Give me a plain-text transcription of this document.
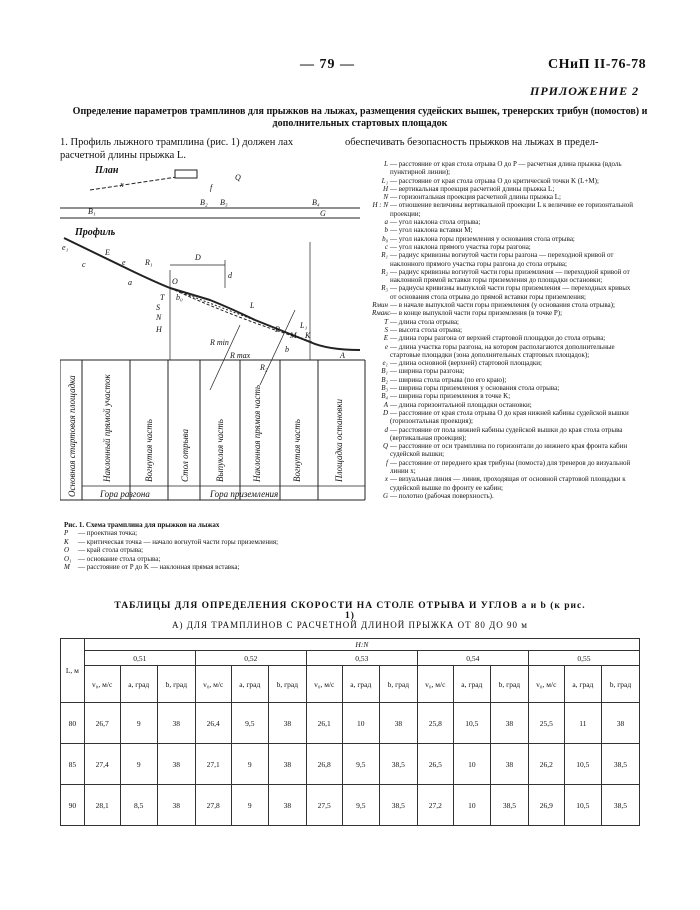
— 79 —	СНиП II-76-78
ПРИЛОЖЕНИЕ 2
Определение параметров трамплинов для прыжков на лыжах, размещения судейских вышек, тренерских трибун (помостов) и дополнительных стартовых площадок
1. Профиль лыжного трамплина (рис. 1) должен лах расчетной длины прыжка L.
обеспечивать безопасность прыжков на лыжах в предел-
L — расстояние от края стола отрыва O до P — расчетная длина прыжка (вдоль пунктирной линии);
L₁ — расстояние от края стола отрыва O до критической точки K (L+M);
H — вертикальная проекция расчетной длины прыжка L;
N — горизонтальная проекция расчетной длины прыжка L;
H : N — отношение величины вертикальной проекции L к величине ее горизонтальной проекции;
a — угол наклона стола отрыва;
b — угол наклона вставки M;
b₀ — угол наклона горы приземления у основания стола отрыва;
c — угол наклона прямого участка горы разгона;
R₁ — радиус кривизны вогнутой части горы разгона — переходной кривой от наклонного прямого участка горы разгона до стола отрыва;
R₂ — радиус кривизны вогнутой части горы приземления — переходной кривой от наклонной прямой вставки горы приземления до площадки остановки;
R₃ — радиусы кривизны выпуклой части горы приземления — переходных кривых от основания стола отрыва до прямой вставки горы приземления;
Rмин — в начале выпуклой части горы приземления (у основания стола отрыва);
Rмакс — в конце выпуклой части горы приземления (в точке P);
T — длина стола отрыва;
S — высота стола отрыва;
E — длина горы разгона от верхней стартовой площадки до стола отрыва;
e — длина участка горы разгона, на котором располагаются дополнительные стартовые площадки (зона дополнительных стартовых площадок);
e₁ — длина основной (верхней) стартовой площадки;
B₁ — ширина горы разгона;
B₂ — ширина стола отрыва (по его краю);
B₃ — ширина горы приземления у основания стола отрыва;
B₄ — ширина горы приземления в точке K;
A — длина горизонтальной площадки остановки;
D — расстояние от края стола отрыва O до края нижней кабины судейской вышки (горизонтальная проекция);
d — расстояние от пола нижней кабины судейской вышки до края стола отрыва (вертикальная проекция);
Q — расстояние от оси трамплина по горизонтали до нижнего края фронта кабин судейской вышки;
f — расстояние от переднего края трибуны (помоста) для тренеров до визуальной линии x;
x — визуальная линия — линия, проходящая от основной стартовой площадки к судейской вышке по фронту ее кабин;
G — полотно (рабочая поверхность).
План
Профиль
x
B₁
B₂ B₃	B₄
f
Q
G
e₁
c
E
e R₁
T
S
a
D
d
O
b₀
N
H
L
R min
R max
M K
R₂
b
A
P	L₁
Основная стартовая площадка	Наклонный прямой участок	Вогнутая часть	Стол отрыва	Выпуклая часть	Наклонная прямая часть	Вогнутая часть	Площадка остановки
Гора разгона	Гора приземления
Рис. 1. Схема трамплина для прыжков на лыжах
P	— проектная точка;
K	— критическая точка — начало вогнутой части горы приземления;
O	— край стола отрыва;
O₁ — основание стола отрыва;
M	— расстояние от P до K — наклонная прямая вставка;
ТАБЛИЦЫ ДЛЯ ОПРЕДЕЛЕНИЯ СКОРОСТИ НА СТОЛЕ ОТРЫВА И УГЛОВ a и b (к рис. 1)
А) ДЛЯ ТРАМПЛИНОВ С РАСЧЕТНОЙ ДЛИНОЙ ПРЫЖКА ОТ 80 ДО 90 м
L, м	H:N														
	0,51			0,52			0,53			0,54			0,55		
	v₀, м/с	a, град	b, град	v₀, м/с	a, град	b, град	v₀, м/с	a, град	b, град	v₀, м/с	a, град	b, град	v₀, м/с	a, град	b, град
80	26,7	9	38	26,4	9,5	38	26,1	10	38	25,8	10,5	38	25,5	11	38
85	27,4	9	38	27,1	9	38	26,8	9,5	38,5	26,5	10	38	26,2	10,5	38,5
90	28,1	8,5	38	27,8	9	38	27,5	9,5	38,5	27,2	10	38,5	26,9	10,5	38,5
